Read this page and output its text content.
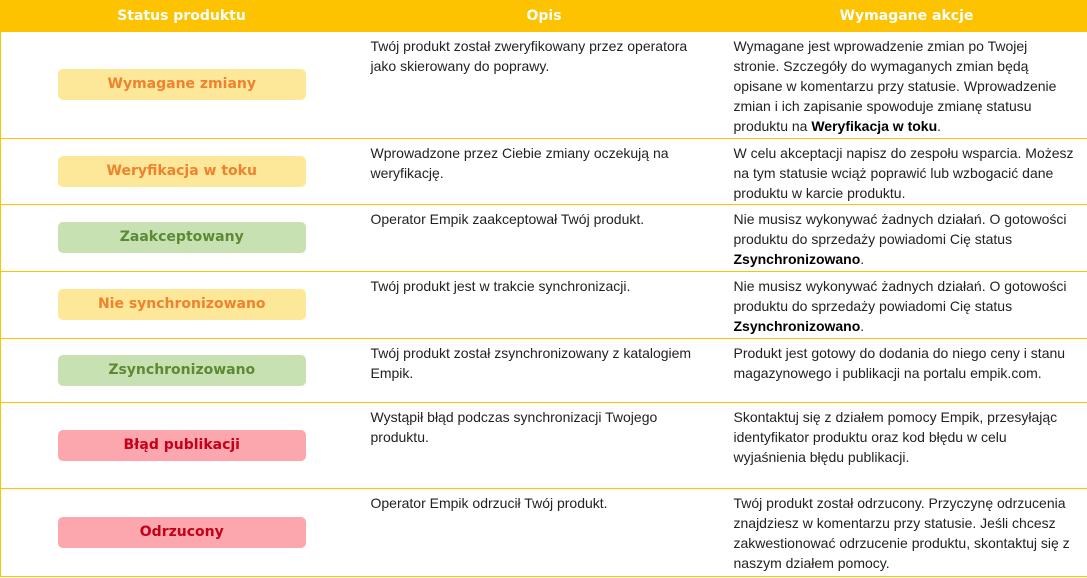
Status produktu	Opis	Wymagane akcje
Wymagane zmiany	Twój produkt został zweryfikowany przez operatora jako skierowany do poprawy.	Wymagane jest wprowadzenie zmian po Twojej stronie. Szczegóły do wymaganych zmian będą opisane w komentarzu przy statusie. Wprowadzenie zmian i ich zapisanie spowoduje zmianę statusu produktu na Weryfikacja w toku.

Weryfikacja w toku	Wprowadzone przez Ciebie zmiany oczekują na weryfikację.	W celu akceptacji napisz do zespołu wsparcia. Możesz na tym statusie wciąż poprawić lub wzbogacić dane produktu w karcie produktu.

Zaakceptowany	Operator Empik zaakceptował Twój produkt.	Nie musisz wykonywać żadnych działań. O gotowości produktu do sprzedaży powiadomi Cię status Zsynchronizowano.

Nie synchronizowano	Twój produkt jest w trakcie synchronizacji.	Nie musisz wykonywać żadnych działań. O gotowości produktu do sprzedaży powiadomi Cię status Zsynchronizowano.

Zsynchronizowano	Twój produkt został zsynchronizowany z katalogiem Empik.	Produkt jest gotowy do dodania do niego ceny i stanu magazynowego i publikacji na portalu empik.com.

Błąd publikacji	Wystąpił błąd podczas synchronizacji Twojego produktu.	Skontaktuj się z działem pomocy Empik, przesyłając identyfikator produktu oraz kod błędu w celu wyjaśnienia błędu publikacji.

Odrzucony	Operator Empik odrzucił Twój produkt.	Twój produkt został odrzucony. Przyczynę odrzucenia znajdziesz w komentarzu przy statusie. Jeśli chcesz zakwestionować odrzucenie produktu, skontaktuj się z naszym działem pomocy.
